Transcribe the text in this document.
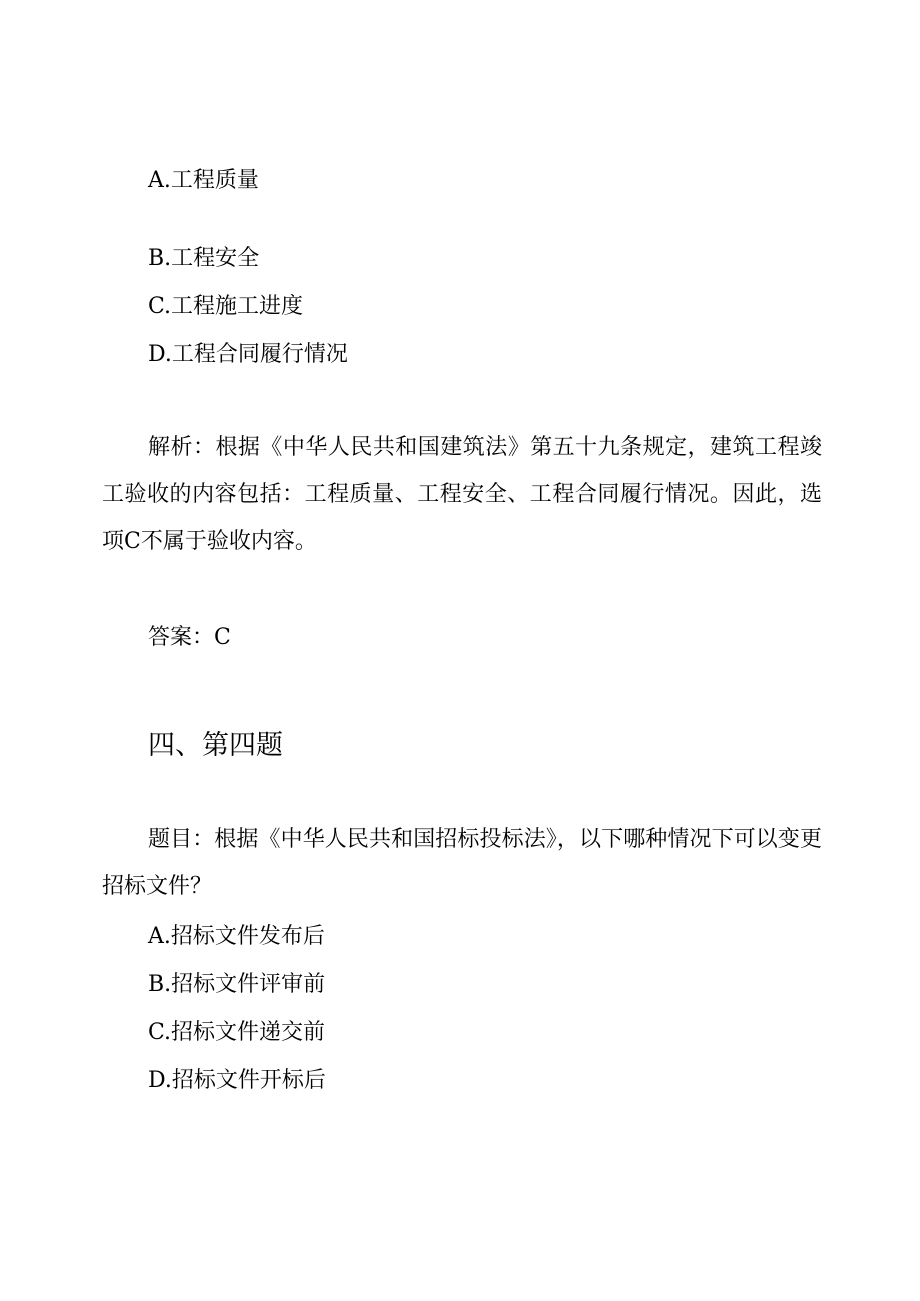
A.工程质量
B.工程安全
C.工程施工进度
D.工程合同履行情况
解析：根据《中华人民共和国建筑法》第五十九条规定，建筑工程竣工验收的内容包括：工程质量、工程安全、工程合同履行情况。因此，选项C不属于验收内容。
答案：C
四、第四题
题目：根据《中华人民共和国招标投标法》，以下哪种情况下可以变更招标文件？
A.招标文件发布后
B.招标文件评审前
C.招标文件递交前
D.招标文件开标后
